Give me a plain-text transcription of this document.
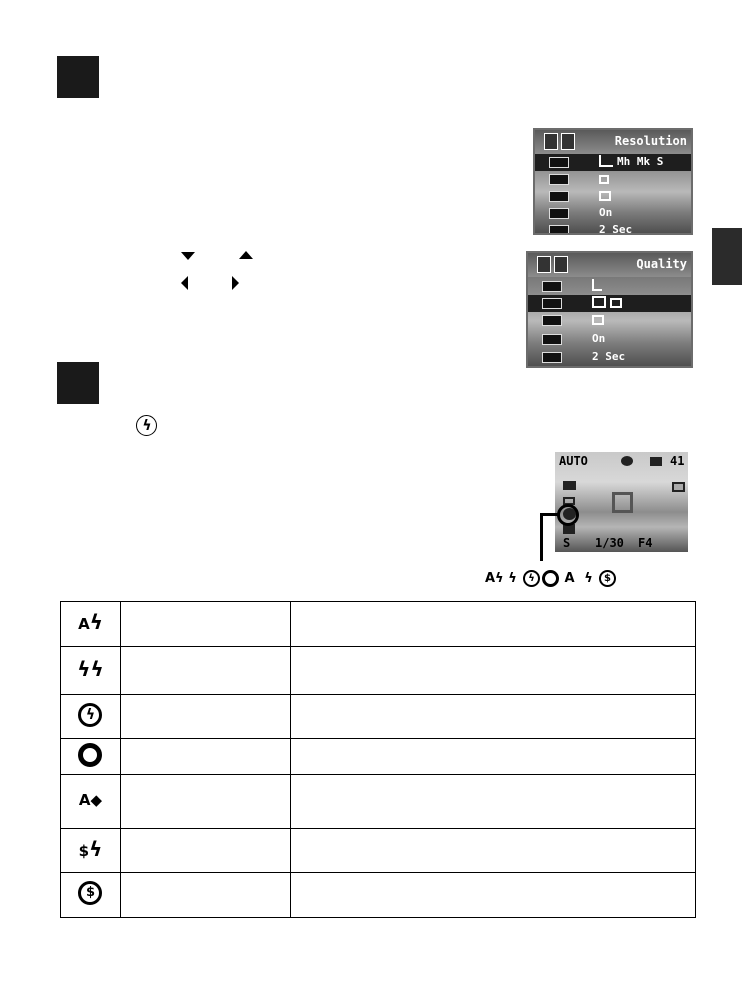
Resolution
Mh Mk S
On
2 Sec
Quality
On
2 Sec
ϟ
AUTO	41
S 1/30 F4
Aϟ ϟ	ϟ	A ϟ	$
Aϟ		

ϟϟ		

ϟ		

A◆		

$ϟ		

$		
